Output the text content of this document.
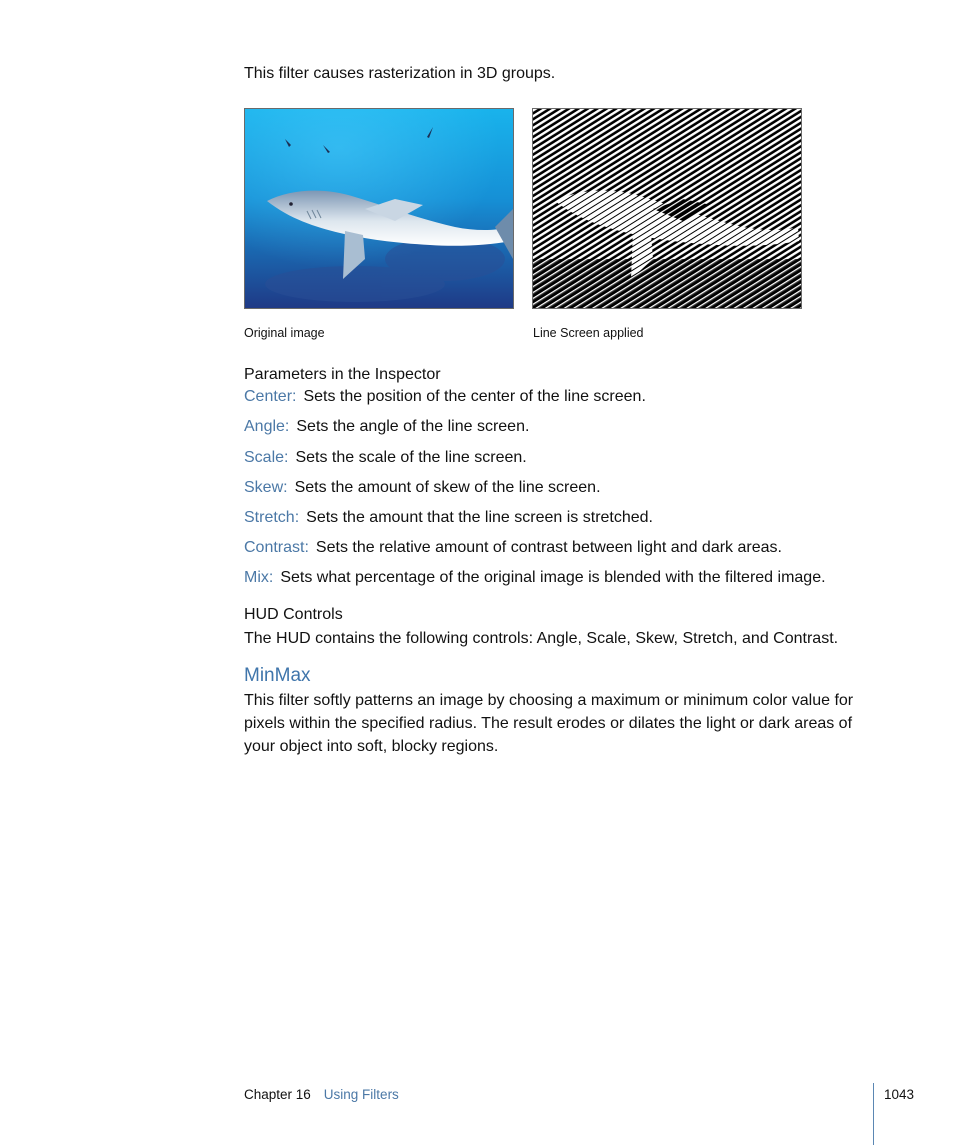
This filter causes rasterization in 3D groups.
Original image	Line Screen applied
Parameters in the Inspector
Center: Sets the position of the center of the line screen.
Angle: Sets the angle of the line screen.
Scale: Sets the scale of the line screen.
Skew: Sets the amount of skew of the line screen.
Stretch: Sets the amount that the line screen is stretched.
Contrast: Sets the relative amount of contrast between light and dark areas.
Mix: Sets what percentage of the original image is blended with the filtered image.
HUD Controls
The HUD contains the following controls: Angle, Scale, Skew, Stretch, and Contrast.
MinMax
This filter softly patterns an image by choosing a maximum or minimum color value for pixels within the specified radius. The result erodes or dilates the light or dark areas of your object into soft, blocky regions.
Chapter 16 Using Filters	1043
